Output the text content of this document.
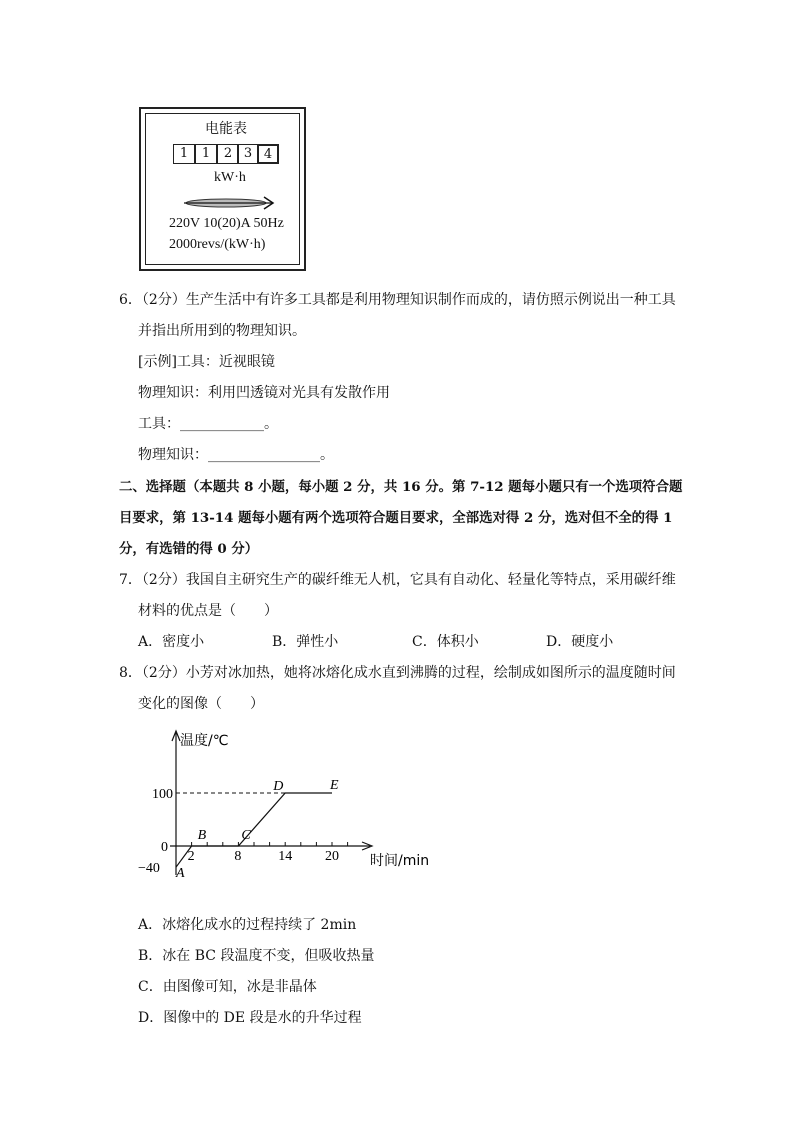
电能表
1	1	2 3 4
kW·h
220V 10(20)A 50Hz
2000revs/(kW·h)
6．（2分）生产生活中有许多工具都是利用物理知识制作而成的，请仿照示例说出一种工具
并指出所用到的物理知识。
[示例]工具：近视眼镜
物理知识：利用凹透镜对光具有发散作用
工具：____________。
物理知识：________________。
二、选择题（本题共 8 小题，每小题 2 分，共 16 分。第 7-12 题每小题只有一个选项符合题
目要求，第 13-14 题每小题有两个选项符合题目要求，全部选对得 2 分，选对但不全的得 1
分，有选错的得 0 分）
7．（2分）我国自主研究生产的碳纤维无人机，它具有自动化、轻量化等特点，采用碳纤维
材料的优点是（　　）
A．密度小	B．弹性小	C．体积小	D．硬度小
8．（2分）小芳对冰加热，她将冰熔化成水直到沸腾的过程，绘制成如图所示的温度随时间
变化的图像（　　）
温度/℃
时间/min
100
0
−40
2	8	14 20
A
B	C
D	E
A．冰熔化成水的过程持续了 2min
B．冰在 BC 段温度不变，但吸收热量
C．由图像可知，冰是非晶体
D．图像中的 DE 段是水的升华过程
